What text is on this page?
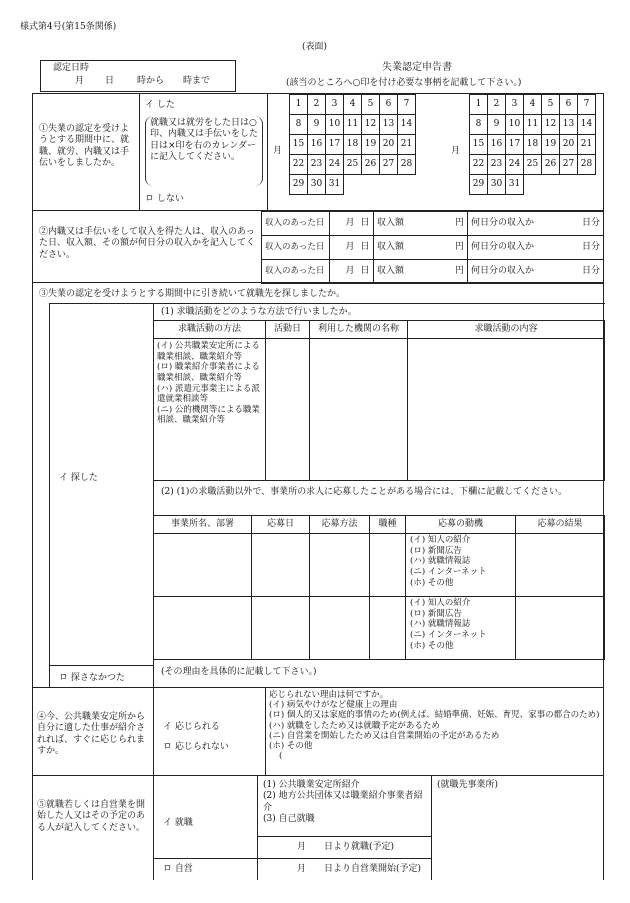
様式第4号(第15条関係)
(表面)
認定日時
月 日	時から 時まで
失業認定申告書
(該当のところへ○印を付け必要な事柄を記載して下さい。)
①失業の認定を受けようとする期間中に、就職、就労、内職又は手伝いをしましたか。
イ した
就職又は就労をした日は○印、内職又は手伝いをした日は×印を右のカレンダーに記入してください。
ロ しない
月
1	2	3	4	5	6	7
8	9	10	11	12	13	14
15	16	17	18	19	20	21
22	23	24	25	26	27	28
29	30	31				
月
1	2	3	4	5	6	7
8	9	10	11	12	13	14
15	16	17	18	19	20	21
22	23	24	25	26	27	28
29	30	31				
②内職又は手伝いをして収入を得た人は、収入のあった日、収入額、その額が何日分の収入かを記入してください。
収入のあった日	月	日	収入額	円	何日分の収入か	日分
収入のあった日	月	日	収入額	円	何日分の収入か	日分
収入のあった日	月	日	収入額	円	何日分の収入か	日分
③失業の認定を受けようとする期間中に引き続いて就職先を探しましたか。
イ 探した
ロ 探さなかつた
(1) 求職活動をどのような方法で行いましたか。
求職活動の方法	活動日	利用した機関の名称	求職活動の内容

(イ) 公共職業安定所による職業相談、職業紹介等
(ロ) 職業紹介事業者による職業相談、職業紹介等
(ハ) 派遣元事業主による派遣就業相談等
(ニ) 公的機関等による職業相談、職業紹介等			

(2) (1)の求職活動以外で、事業所の求人に応募したことがある場合には、下欄に記載してください。
事業所名、部署	応募日	応募方法	職種	応募の動機	応募の結果

				(イ) 知人の紹介
(ロ) 新聞広告
(ハ) 就職情報誌
(ニ) インターネット
(ホ) その他	

				(イ) 知人の紹介
(ロ) 新聞広告
(ハ) 就職情報誌
(ニ) インターネット
(ホ) その他	

(その理由を具体的に記載して下さい。)
④今、公共職業安定所から自分に適した仕事が紹介されれば、すぐに応じられますか。
イ 応じられる
ロ 応じられない
応じられない理由は何ですか。
(イ) 病気やけがなど健康上の理由
(ロ) 個人的又は家庭的事情のため(例えば、結婚準備、妊娠、育児、家事の都合のため)
(ハ) 就職をしたため又は就職予定があるため
(ニ) 自営業を開始したため又は自営業開始の予定があるため
(ホ) その他
(
⑤就職若しくは自営業を開始した人又はその予定のある人が記入してください。	イ 就職
(1) 公共職業安定所紹介
(2) 地方公共団体又は職業紹介事業者紹介
(3) 自己就職
月　　日より就職(予定)
(就職先事業所)
ロ 自営	月　　日より自営業開始(予定)
